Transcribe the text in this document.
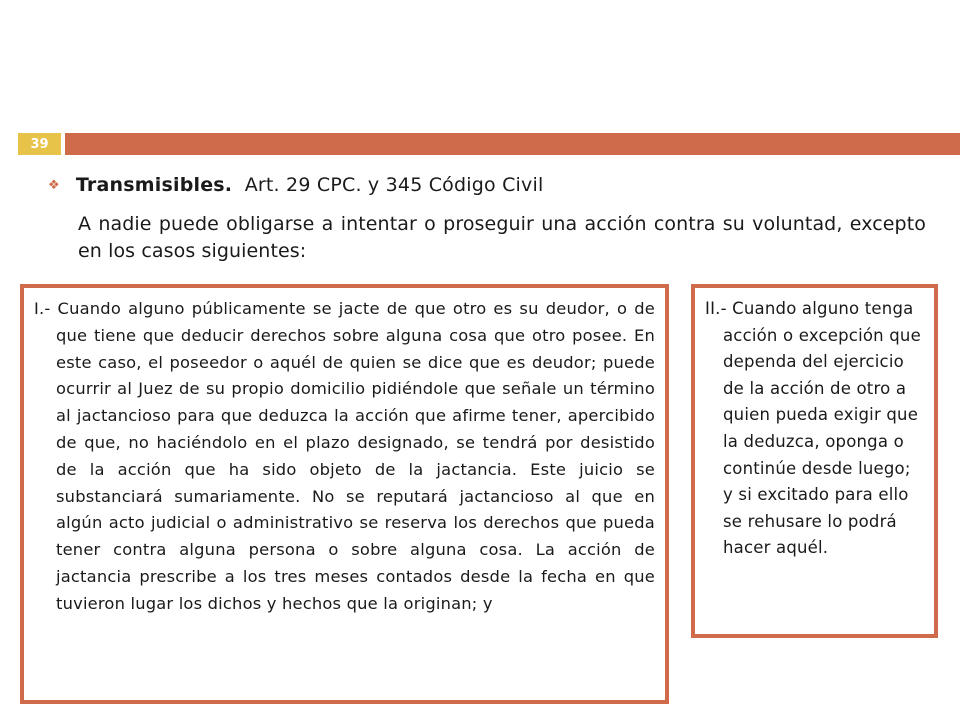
39
❖ Transmisibles. Art. 29 CPC. y 345 Código Civil
A nadie puede obligarse a intentar o proseguir una acción contra su voluntad, excepto en los casos siguientes:

I.- Cuando alguno públicamente se jacte de que otro es su deudor, o de que tiene que deducir derechos sobre alguna cosa que otro posee. En este caso, el poseedor o aquél de quien se dice que es deudor; puede ocurrir al Juez de su propio domicilio pidiéndole que señale un término al jactancioso para que deduzca la acción que afirme tener, apercibido de que, no haciéndolo en el plazo designado, se tendrá por desistido de la acción que ha sido objeto de la jactancia. Este juicio se substanciará sumariamente. No se reputará jactancioso al que en algún acto judicial o administrativo se reserva los derechos que pueda tener contra alguna persona o sobre alguna cosa. La acción de jactancia prescribe a los tres meses contados desde la fecha en que tuvieron lugar los dichos y hechos que la originan; y

II.- Cuando alguno tenga acción o excepción que dependa del ejercicio de la acción de otro a quien pueda exigir que la deduzca, oponga o continúe desde luego; y si excitado para ello se rehusare lo podrá hacer aquél.
